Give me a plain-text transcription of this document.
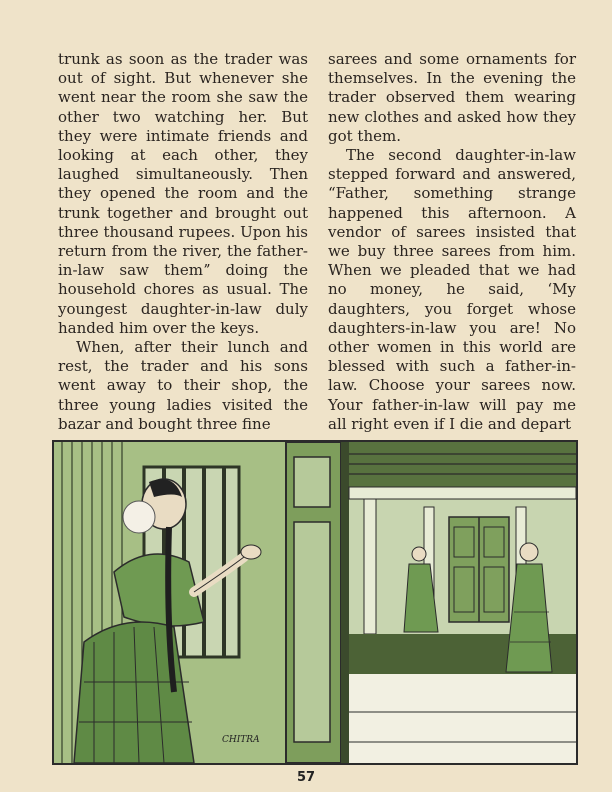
trunk as soon as the trader was out of sight. But whenever she went near the room she saw the other two watching her. But they were intimate friends and looking at each other, they laughed simultaneously. Then they opened the room and the trunk together and brought out three thousand rupees. Upon his return from the river, the father-in-law saw themˮ doing the household chores as usual. The youngest daughter-in-law duly handed him over the keys.

When, after their lunch and rest, the trader and his sons went away to their shop, the three young ladies visited the bazar and bought three fine

sarees and some ornaments for themselves. In the evening the trader observed them wearing new clothes and asked how they got them.

The second daughter-in-law stepped forward and answered, “Father, something strange happened this afternoon. A vendor of sarees insisted that we buy three sarees from him. When we pleaded that we had no money, he said, ‘My daughters, you forget whose daughters-in-law you are! No other women in this world are blessed with such a father-in-law. Choose your sarees now. Your father-in-law will pay me all right even if I die and depart

CHITRA
57
